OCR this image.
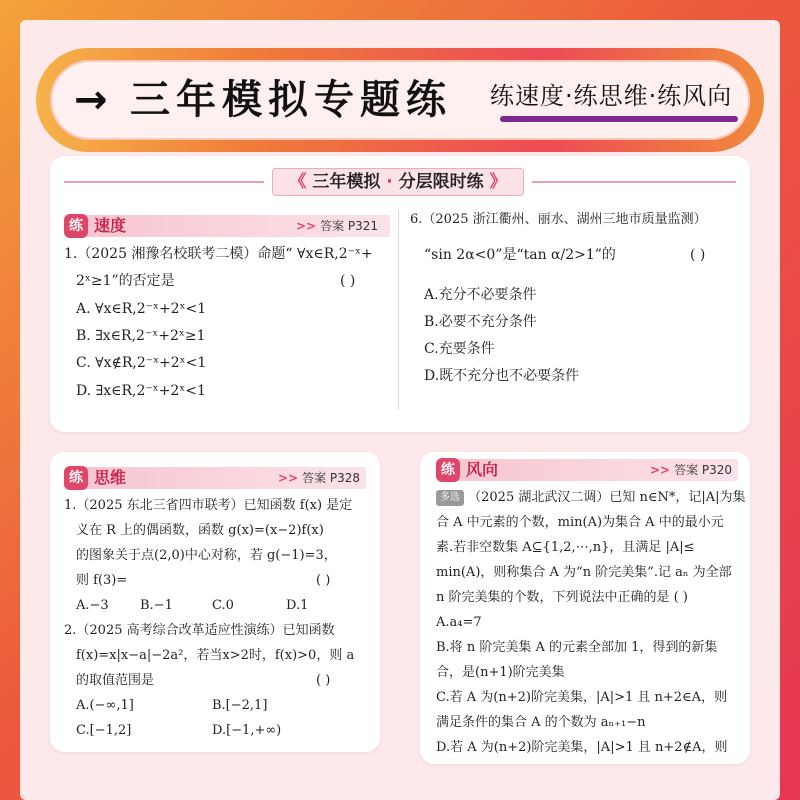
→ 三年模拟专题练 练速度·练思维·练风向
《 三年模拟 · 分层限时练 》
练 速度	>> 答案 P321
1.（2025 湘豫名校联考二模）命题“ ∀x∈R,2⁻ˣ+
2ˣ≥1”的否定是	( )
A. ∀x∈R,2⁻ˣ+2ˣ<1
B. ∃x∈R,2⁻ˣ+2ˣ≥1
C. ∀x∉R,2⁻ˣ+2ˣ<1
D. ∃x∈R,2⁻ˣ+2ˣ<1
6.（2025 浙江衢州、丽水、湖州三地市质量监测）
“sin 2α<0”是“tan α/2>1”的	( )
A.充分不必要条件
B.必要不充分条件
C.充要条件
D.既不充分也不必要条件
练 思维	>> 答案 P328
1.（2025 东北三省四市联考）已知函数 f(x) 是定
义在 R 上的偶函数，函数 g(x)=(x−2)f(x)
的图象关于点(2,0)中心对称，若 g(−1)=3，
则 f(3)=	( )
A.−3 B.−1	C.0	D.1
2.（2025 高考综合改革适应性演练）已知函数
f(x)=x|x−a|−2a²，若当x>2时，f(x)>0，则 a
的取值范围是	( )
A.(−∞,1]	B.[−2,1]
C.[−1,2]	D.[−1,+∞)
练 风向	>> 答案 P320
多选 （2025 湖北武汉二调）已知 n∈N*，记|A|为集
合 A 中元素的个数，min(A)为集合 A 中的最小元
素.若非空数集 A⊆{1,2,⋯,n}，且满足 |A|≤
min(A)，则称集合 A 为“n 阶完美集”.记 aₙ 为全部
n 阶完美集的个数，下列说法中正确的是 ( )
A.a₄=7
B.将 n 阶完美集 A 的元素全部加 1，得到的新集
合，是(n+1)阶完美集
C.若 A 为(n+2)阶完美集，|A|>1 且 n+2∈A，则
满足条件的集合 A 的个数为 aₙ₊₁−n
D.若 A 为(n+2)阶完美集，|A|>1 且 n+2∉A，则
